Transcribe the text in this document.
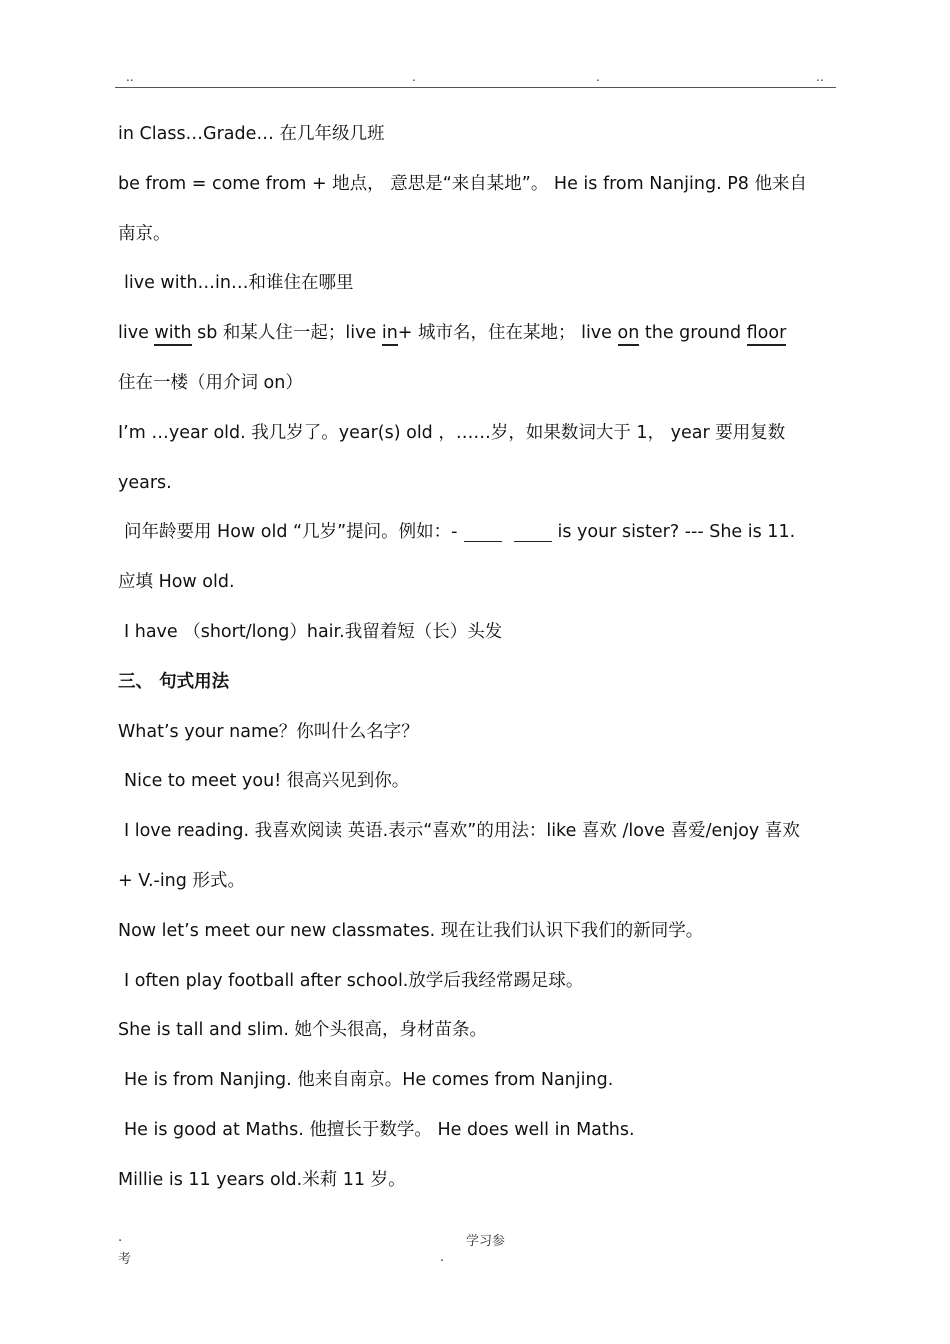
..	.	.	..
in Class…Grade… 在几年级几班
be from = come from + 地点， 意思是“来自某地”。 He is from Nanjing. P8 他来自
南京。
live with…in…和谁住在哪里
live with sb 和某人住一起；live in+ 城市名，住在某地； live on the ground floor
住在一楼（用介词 on）
I’m …year old. 我几岁了。year(s) old ，……岁，如果数词大于 1， year 要用复数
years.
问年龄要用 How old “几岁”提问。例如：-	is your sister? --- She is 11.
应填 How old.
I have （short/long）hair.我留着短（长）头发
三、 句式用法
What’s your name？你叫什么名字？
Nice to meet you! 很高兴见到你。
I love reading. 我喜欢阅读 英语.表示“喜欢”的用法：like 喜欢 /love 喜爱/enjoy 喜欢
+ V.-ing 形式。
Now let’s meet our new classmates. 现在让我们认识下我们的新同学。
I often play football after school.放学后我经常踢足球。
She is tall and slim. 她个头很高，身材苗条。
He is from Nanjing. 他来自南京。He comes from Nanjing.
He is good at Maths. 他擅长于数学。 He does well in Maths.
Millie is 11 years old.米莉 11 岁。
.
考
学习参
.
